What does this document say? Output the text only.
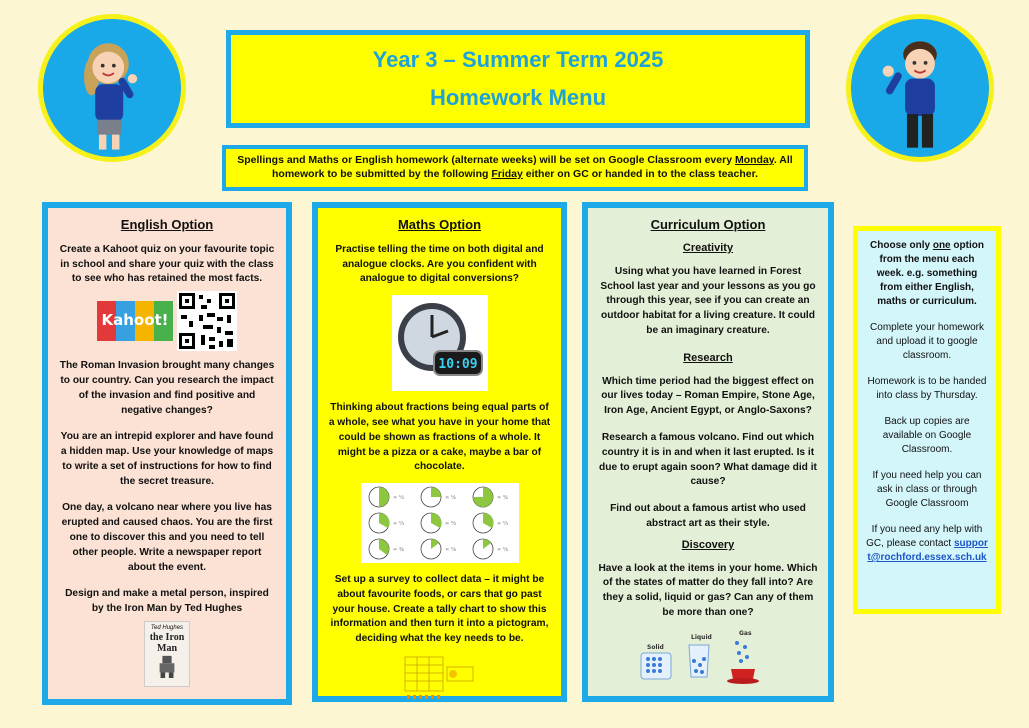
Year 3 – Summer Term 2025
Homework Menu
Spellings and Maths or English homework (alternate weeks) will be set on Google Classroom every Monday. All homework to be submitted by the following Friday either on GC or handed in to the class teacher.
English Option

Create a Kahoot quiz on your favourite topic in school and share your quiz with the class to see who has retained the most facts.

Kahoot!

The Roman Invasion brought many changes to our country. Can you research the impact of the invasion and find positive and negative changes?

You are an intrepid explorer and have found a hidden map. Use your knowledge of maps to write a set of instructions for how to find the secret treasure.

One day, a volcano near where you live has erupted and caused chaos. You are the first one to discover this and you need to tell other people. Write a newspaper report about the event.

Design and make a metal person, inspired by the Iron Man by Ted Hughes

Ted Hughes
the Iron Man
Maths Option

Practise telling the time on both digital and analogue clocks. Are you confident with analogue to digital conversions?

10:09

Thinking about fractions being equal parts of a whole, see what you have in your home that could be shown as fractions of a whole. It might be a pizza or a cake, maybe a bar of chocolate.

= ½	= ¼	= ¾
= ⅓	= ⅓	= ⅓
= ⅜	= ⅛	= ⅛

Set up a survey to collect data – it might be about favourite foods, or cars that go past your house. Create a tally chart to show this information and then turn it into a pictogram, deciding what the key needs to be.

Curriculum Option
Creativity

Using what you have learned in Forest School last year and your lessons as you go through this year, see if you can create an outdoor habitat for a living creature. It could be an imaginary creature.

Research

Which time period had the biggest effect on our lives today – Roman Empire, Stone Age, Iron Age, Ancient Egypt, or Anglo-Saxons?

Research a famous volcano. Find out which country it is in and when it last erupted. Is it due to erupt again soon? What damage did it cause?

Find out about a famous artist who used abstract art as their style.

Discovery

Have a look at the items in your home. Which of the states of matter do they fall into? Are they a solid, liquid or gas? Can any of them be more than one?

Solid
Liquid
Gas

Choose only one option from the menu each week. e.g. something from either English, maths or curriculum.

Complete your homework and upload it to google classroom.

Homework is to be handed into class by Thursday.

Back up copies are available on Google Classroom.

If you need help you can ask in class or through Google Classroom

If you need any help with GC, please contact support@rochford.essex.sch.uk
